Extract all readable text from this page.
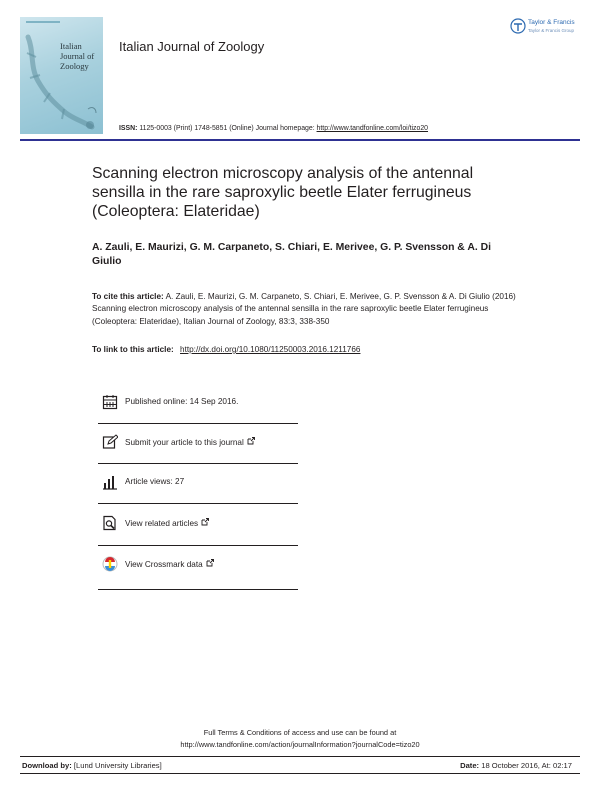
Italian
Journal of
Zoology
Italian Journal of Zoology
Taylor & Francis
Taylor & Francis Group
ISSN: 1125-0003 (Print) 1748-5851 (Online) Journal homepage: http://www.tandfonline.com/loi/tizo20
Scanning electron microscopy analysis of the antennal sensilla in the rare saproxylic beetle Elater ferrugineus (Coleoptera: Elateridae)
A. Zauli, E. Maurizi, G. M. Carpaneto, S. Chiari, E. Merivee, G. P. Svensson & A. Di Giulio
To cite this article: A. Zauli, E. Maurizi, G. M. Carpaneto, S. Chiari, E. Merivee, G. P. Svensson & A. Di Giulio (2016) Scanning electron microscopy analysis of the antennal sensilla in the rare saproxylic beetle Elater ferrugineus (Coleoptera: Elateridae), Italian Journal of Zoology, 83:3, 338-350
To link to this article: http://dx.doi.org/10.1080/11250003.2016.1211766
Published online: 14 Sep 2016.
Submit your article to this journal
Article views: 27
View related articles
View Crossmark data
Full Terms & Conditions of access and use can be found at
http://www.tandfonline.com/action/journalInformation?journalCode=tizo20
Download by: [Lund University Libraries]	Date: 18 October 2016, At: 02:17
